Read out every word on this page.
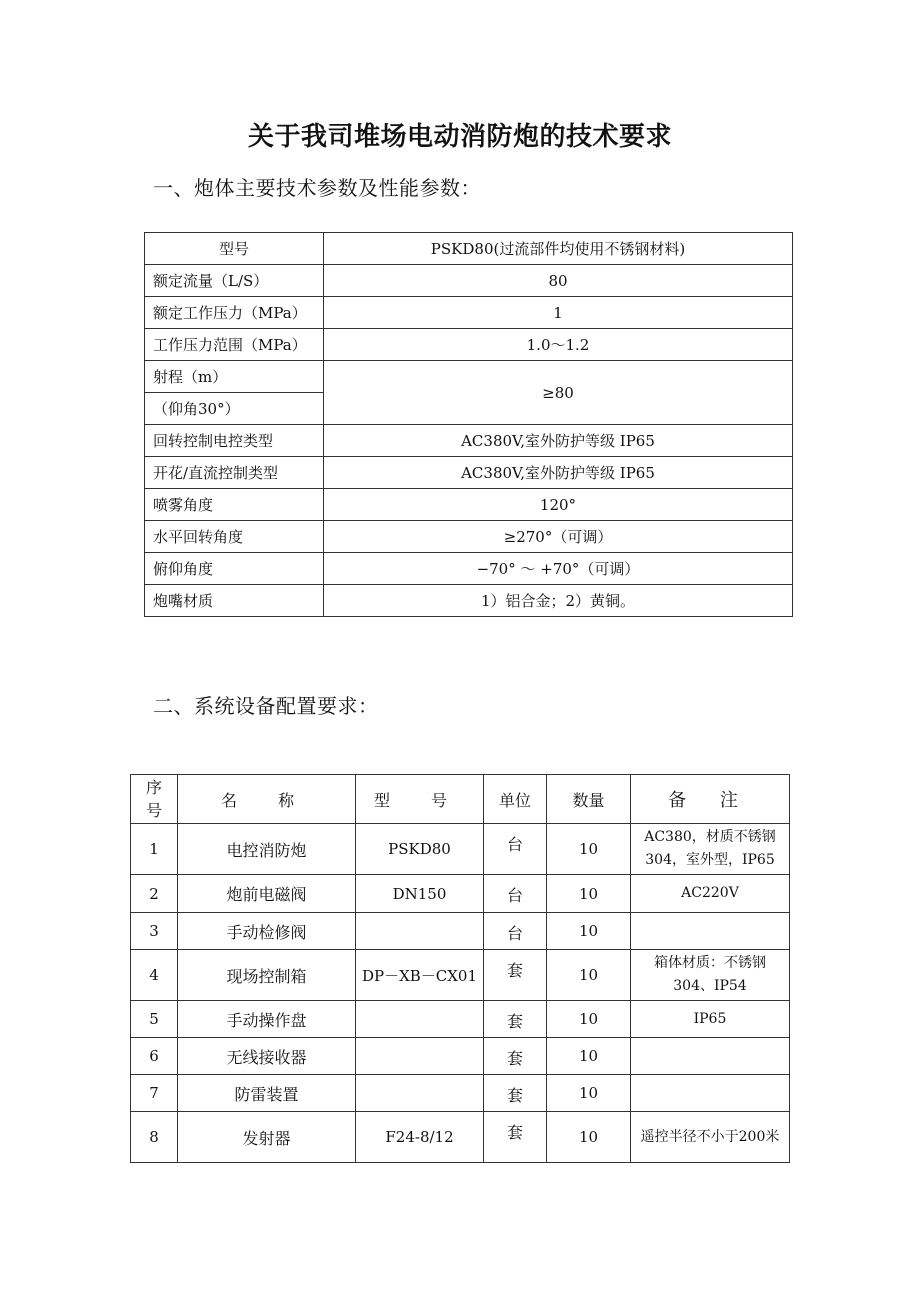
关于我司堆场电动消防炮的技术要求
一、炮体主要技术参数及性能参数：
型号	PSKD80(过流部件均使用不锈钢材料)
额定流量（L/S）	80
额定工作压力（MPa）	1
工作压力范围（MPa）	1.0～1.2
射程（m）	≥80
（仰角30°）	
回转控制电控类型	AC380V,室外防护等级 IP65
开花/直流控制类型	AC380V,室外防护等级 IP65
喷雾角度	120°
水平回转角度	≥270°（可调）
俯仰角度	−70° ～ +70°（可调）
炮嘴材质	1）铝合金；2）黄铜。
二、系统设备配置要求：
序号	名 称	型 号	单位	数量	备 注
1	电控消防炮	PSKD80	台	10	AC380，材质不锈钢304，室外型，IP65
2	炮前电磁阀	DN150	台	10	AC220V
3	手动检修阀		台	10	
4	现场控制箱	DP－XB－CX01	套	10	箱体材质：不锈钢304、IP54
5	手动操作盘		套	10	IP65
6	无线接收器		套	10	
7	防雷装置		套	10	
8	发射器	F24-8/12	套	10	遥控半径不小于200米
